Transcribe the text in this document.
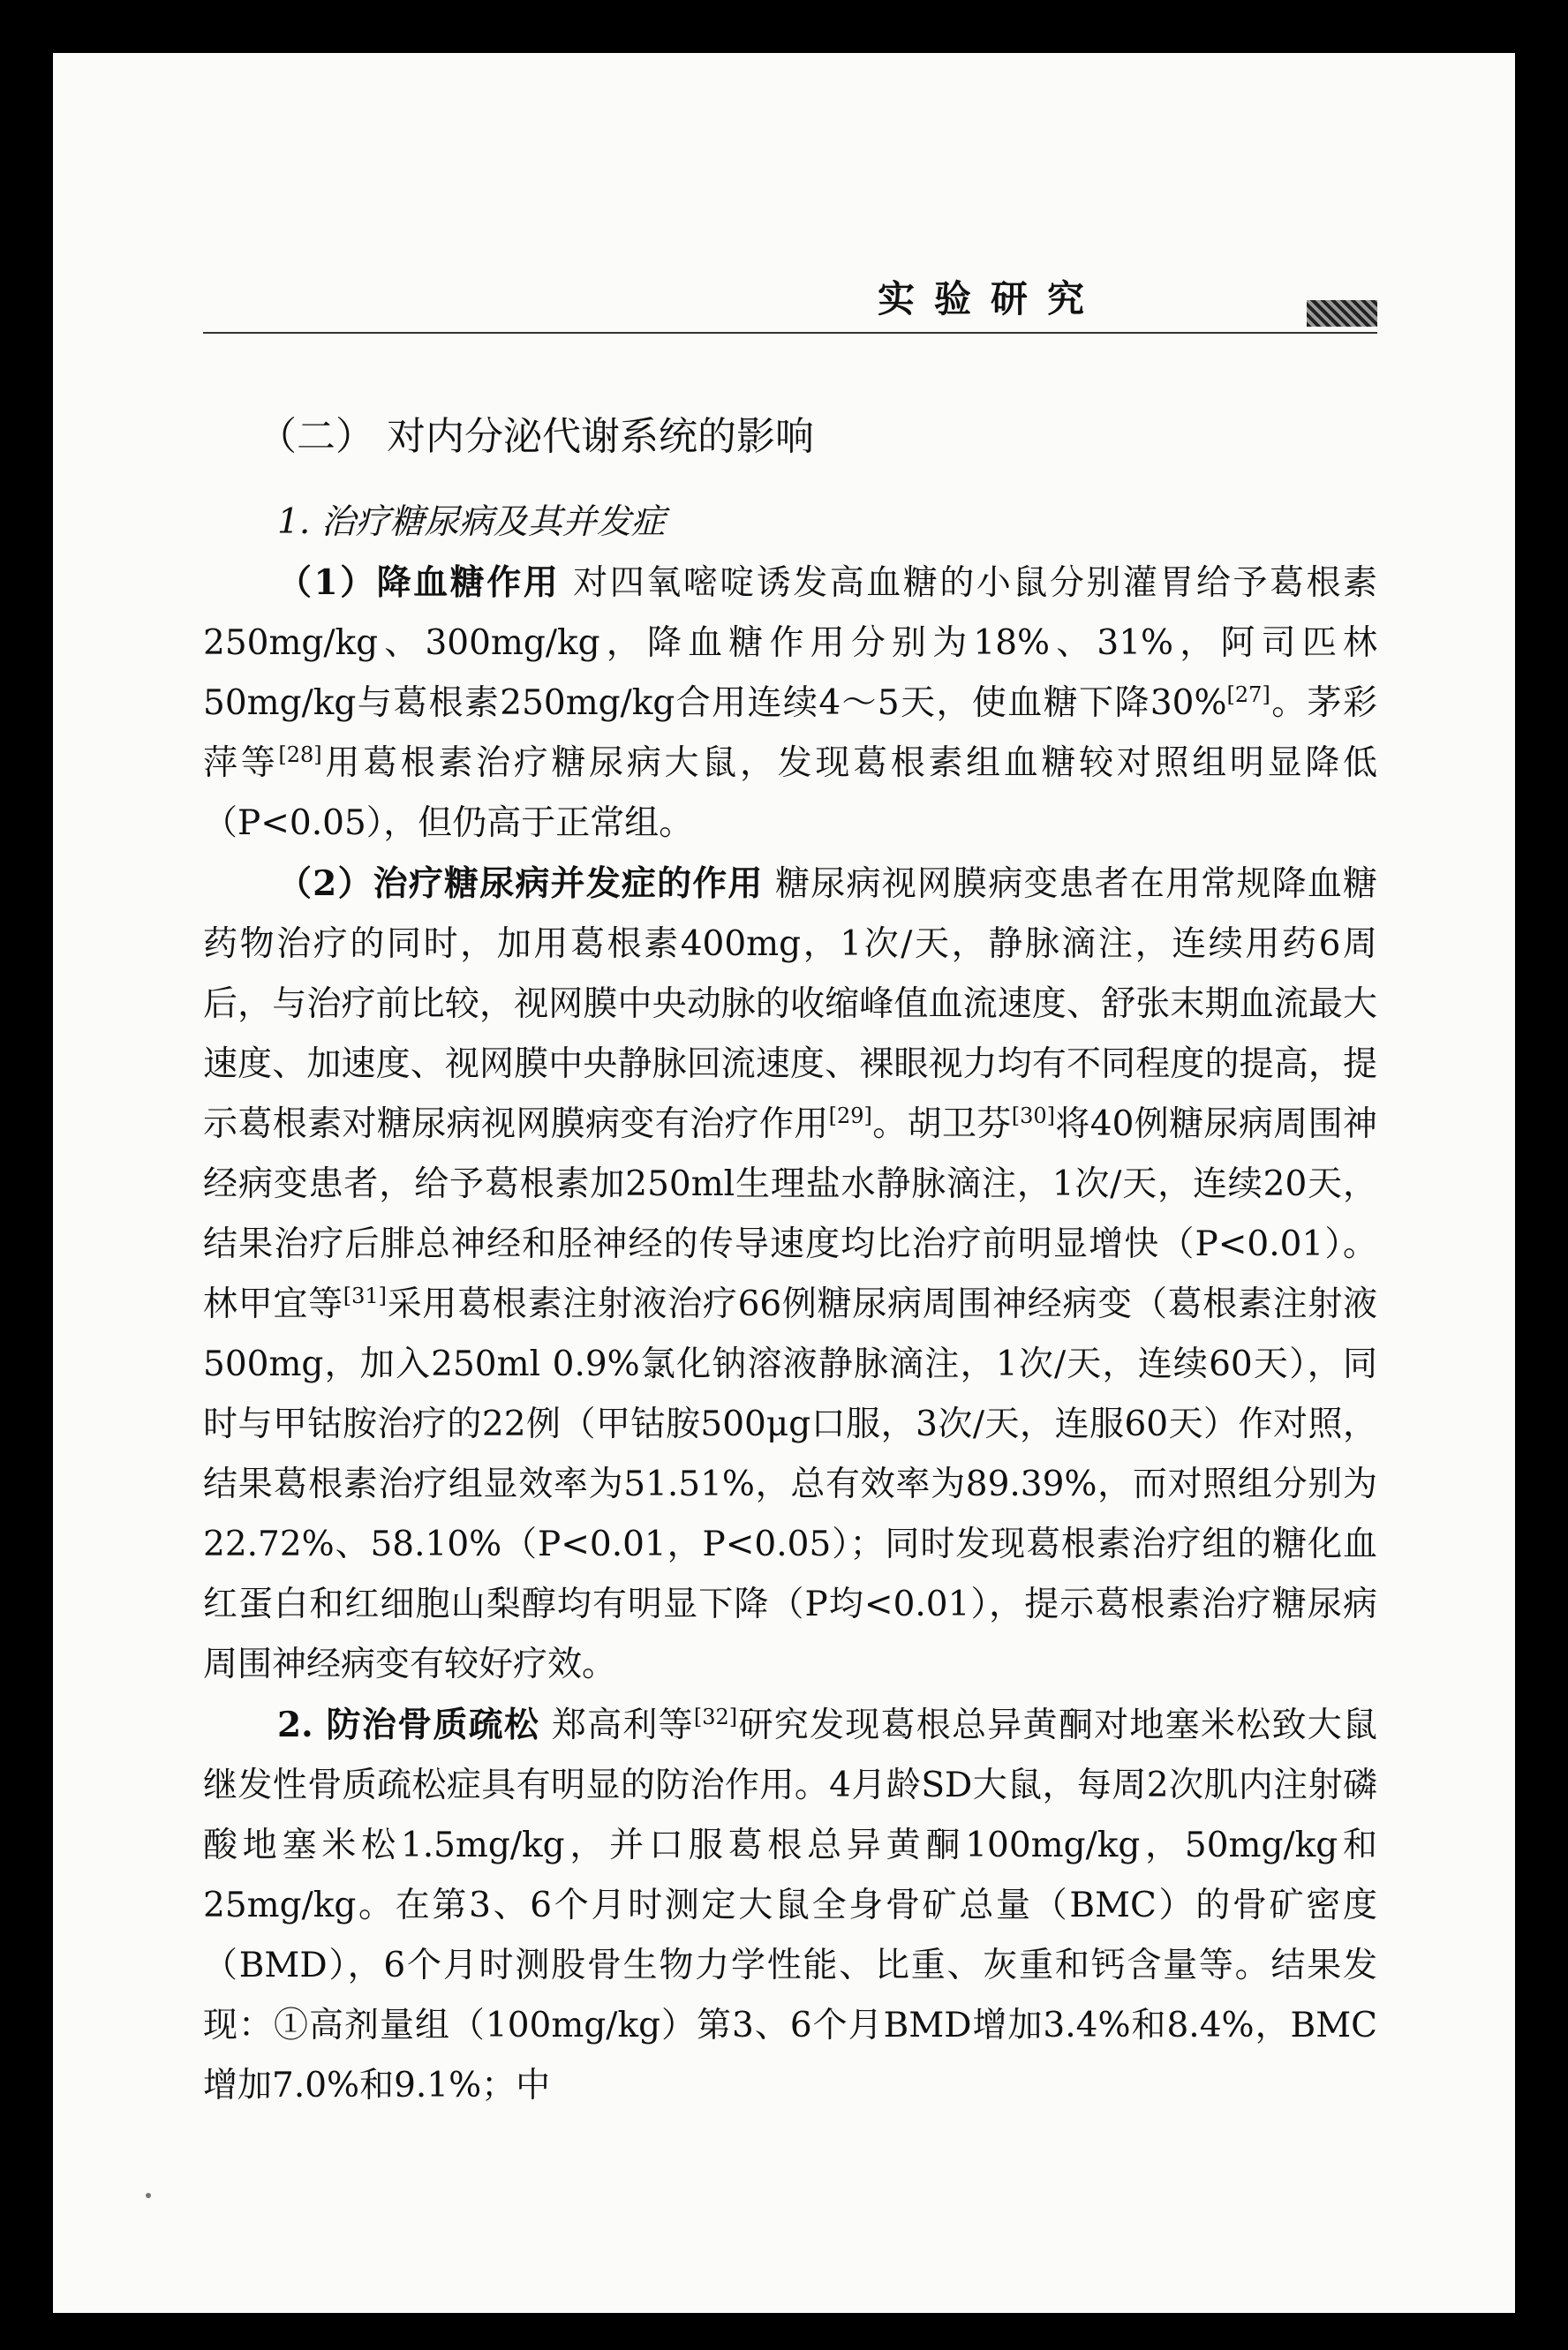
实验研究
（二） 对内分泌代谢系统的影响

1. 治疗糖尿病及其并发症

（1）降血糖作用 对四氧嘧啶诱发高血糖的小鼠分别灌胃给予葛根素250mg/kg、300mg/kg，降血糖作用分别为18%、31%，阿司匹林50mg/kg与葛根素250mg/kg合用连续4～5天，使血糖下降30%[27]。茅彩萍等[28]用葛根素治疗糖尿病大鼠，发现葛根素组血糖较对照组明显降低（P<0.05），但仍高于正常组。

（2）治疗糖尿病并发症的作用 糖尿病视网膜病变患者在用常规降血糖药物治疗的同时，加用葛根素400mg，1次/天，静脉滴注，连续用药6周后，与治疗前比较，视网膜中央动脉的收缩峰值血流速度、舒张末期血流最大速度、加速度、视网膜中央静脉回流速度、裸眼视力均有不同程度的提高，提示葛根素对糖尿病视网膜病变有治疗作用[29]。胡卫芬[30]将40例糖尿病周围神经病变患者，给予葛根素加250ml生理盐水静脉滴注，1次/天，连续20天，结果治疗后腓总神经和胫神经的传导速度均比治疗前明显增快（P<0.01）。林甲宜等[31]采用葛根素注射液治疗66例糖尿病周围神经病变（葛根素注射液500mg，加入250ml 0.9%氯化钠溶液静脉滴注，1次/天，连续60天），同时与甲钴胺治疗的22例（甲钴胺500μg口服，3次/天，连服60天）作对照，结果葛根素治疗组显效率为51.51%，总有效率为89.39%，而对照组分别为22.72%、58.10%（P<0.01，P<0.05）；同时发现葛根素治疗组的糖化血红蛋白和红细胞山梨醇均有明显下降（P均<0.01），提示葛根素治疗糖尿病周围神经病变有较好疗效。

2. 防治骨质疏松 郑高利等[32]研究发现葛根总异黄酮对地塞米松致大鼠继发性骨质疏松症具有明显的防治作用。4月龄SD大鼠，每周2次肌内注射磷酸地塞米松1.5mg/kg，并口服葛根总异黄酮100mg/kg，50mg/kg和25mg/kg。在第3、6个月时测定大鼠全身骨矿总量（BMC）的骨矿密度（BMD），6个月时测股骨生物力学性能、比重、灰重和钙含量等。结果发现：①高剂量组（100mg/kg）第3、6个月BMD增加3.4%和8.4%，BMC增加7.0%和9.1%；中
